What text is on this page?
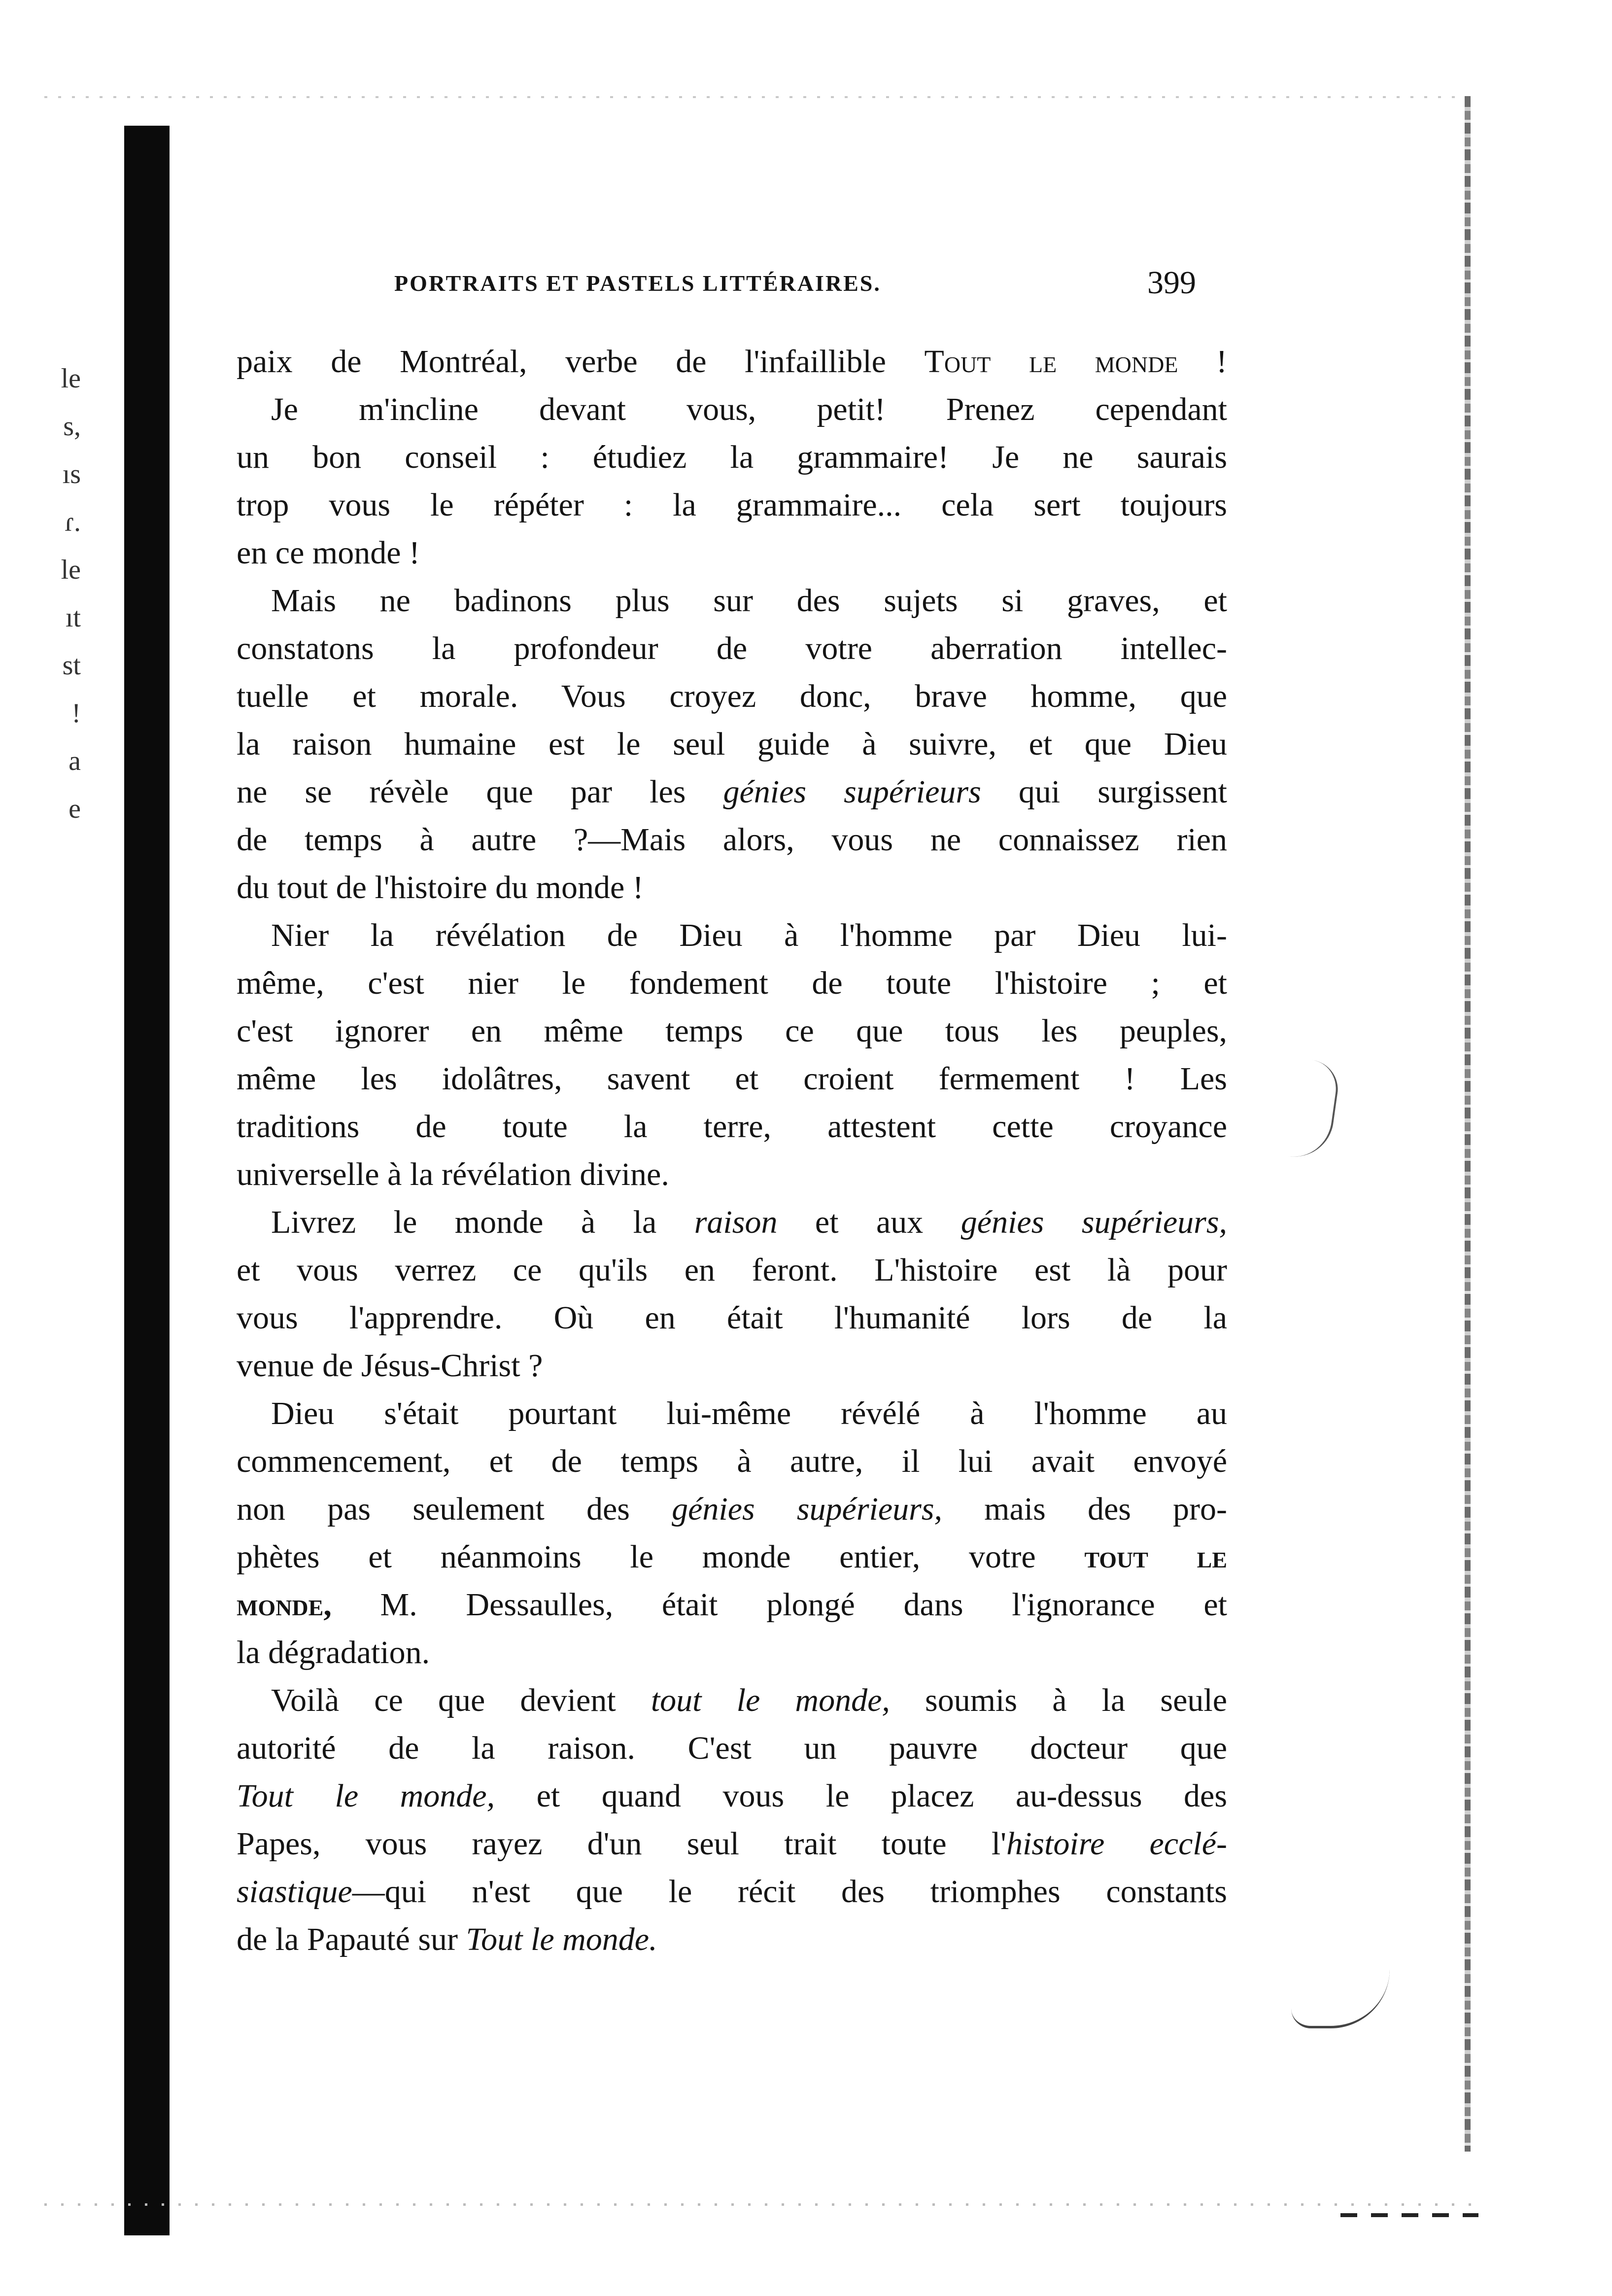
le
s,
ıs
ɾ.
le
ıt
st
!
a
e
PORTRAITS ET PASTELS LITTÉRAIRES.	399
paix de Montréal, verbe de l'infaillible Tout le monde !
Je m'incline devant vous, petit! Prenez cependant
un bon conseil : étudiez la grammaire! Je ne saurais
trop vous le répéter : la grammaire... cela sert toujours
en ce monde !
Mais ne badinons plus sur des sujets si graves, et
constatons la profondeur de votre aberration intellec-
tuelle et morale. Vous croyez donc, brave homme, que
la raison humaine est le seul guide à suivre, et que Dieu
ne se révèle que par les génies supérieurs qui surgissent
de temps à autre ?—Mais alors, vous ne connaissez rien
du tout de l'histoire du monde !
Nier la révélation de Dieu à l'homme par Dieu lui-
même, c'est nier le fondement de toute l'histoire ; et
c'est ignorer en même temps ce que tous les peuples,
même les idolâtres, savent et croient fermement ! Les
traditions de toute la terre, attestent cette croyance
universelle à la révélation divine.
Livrez le monde à la raison et aux génies supérieurs,
et vous verrez ce qu'ils en feront. L'histoire est là pour
vous l'apprendre. Où en était l'humanité lors de la
venue de Jésus-Christ ?
Dieu s'était pourtant lui-même révélé à l'homme au
commencement, et de temps à autre, il lui avait envoyé
non pas seulement des génies supérieurs, mais des pro-
phètes et néanmoins le monde entier, votre tout le
monde, M. Dessaulles, était plongé dans l'ignorance et
la dégradation.
Voilà ce que devient tout le monde, soumis à la seule
autorité de la raison. C'est un pauvre docteur que
Tout le monde, et quand vous le placez au-dessus des
Papes, vous rayez d'un seul trait toute l'histoire ecclé-
siastique—qui n'est que le récit des triomphes constants
de la Papauté sur Tout le monde.
